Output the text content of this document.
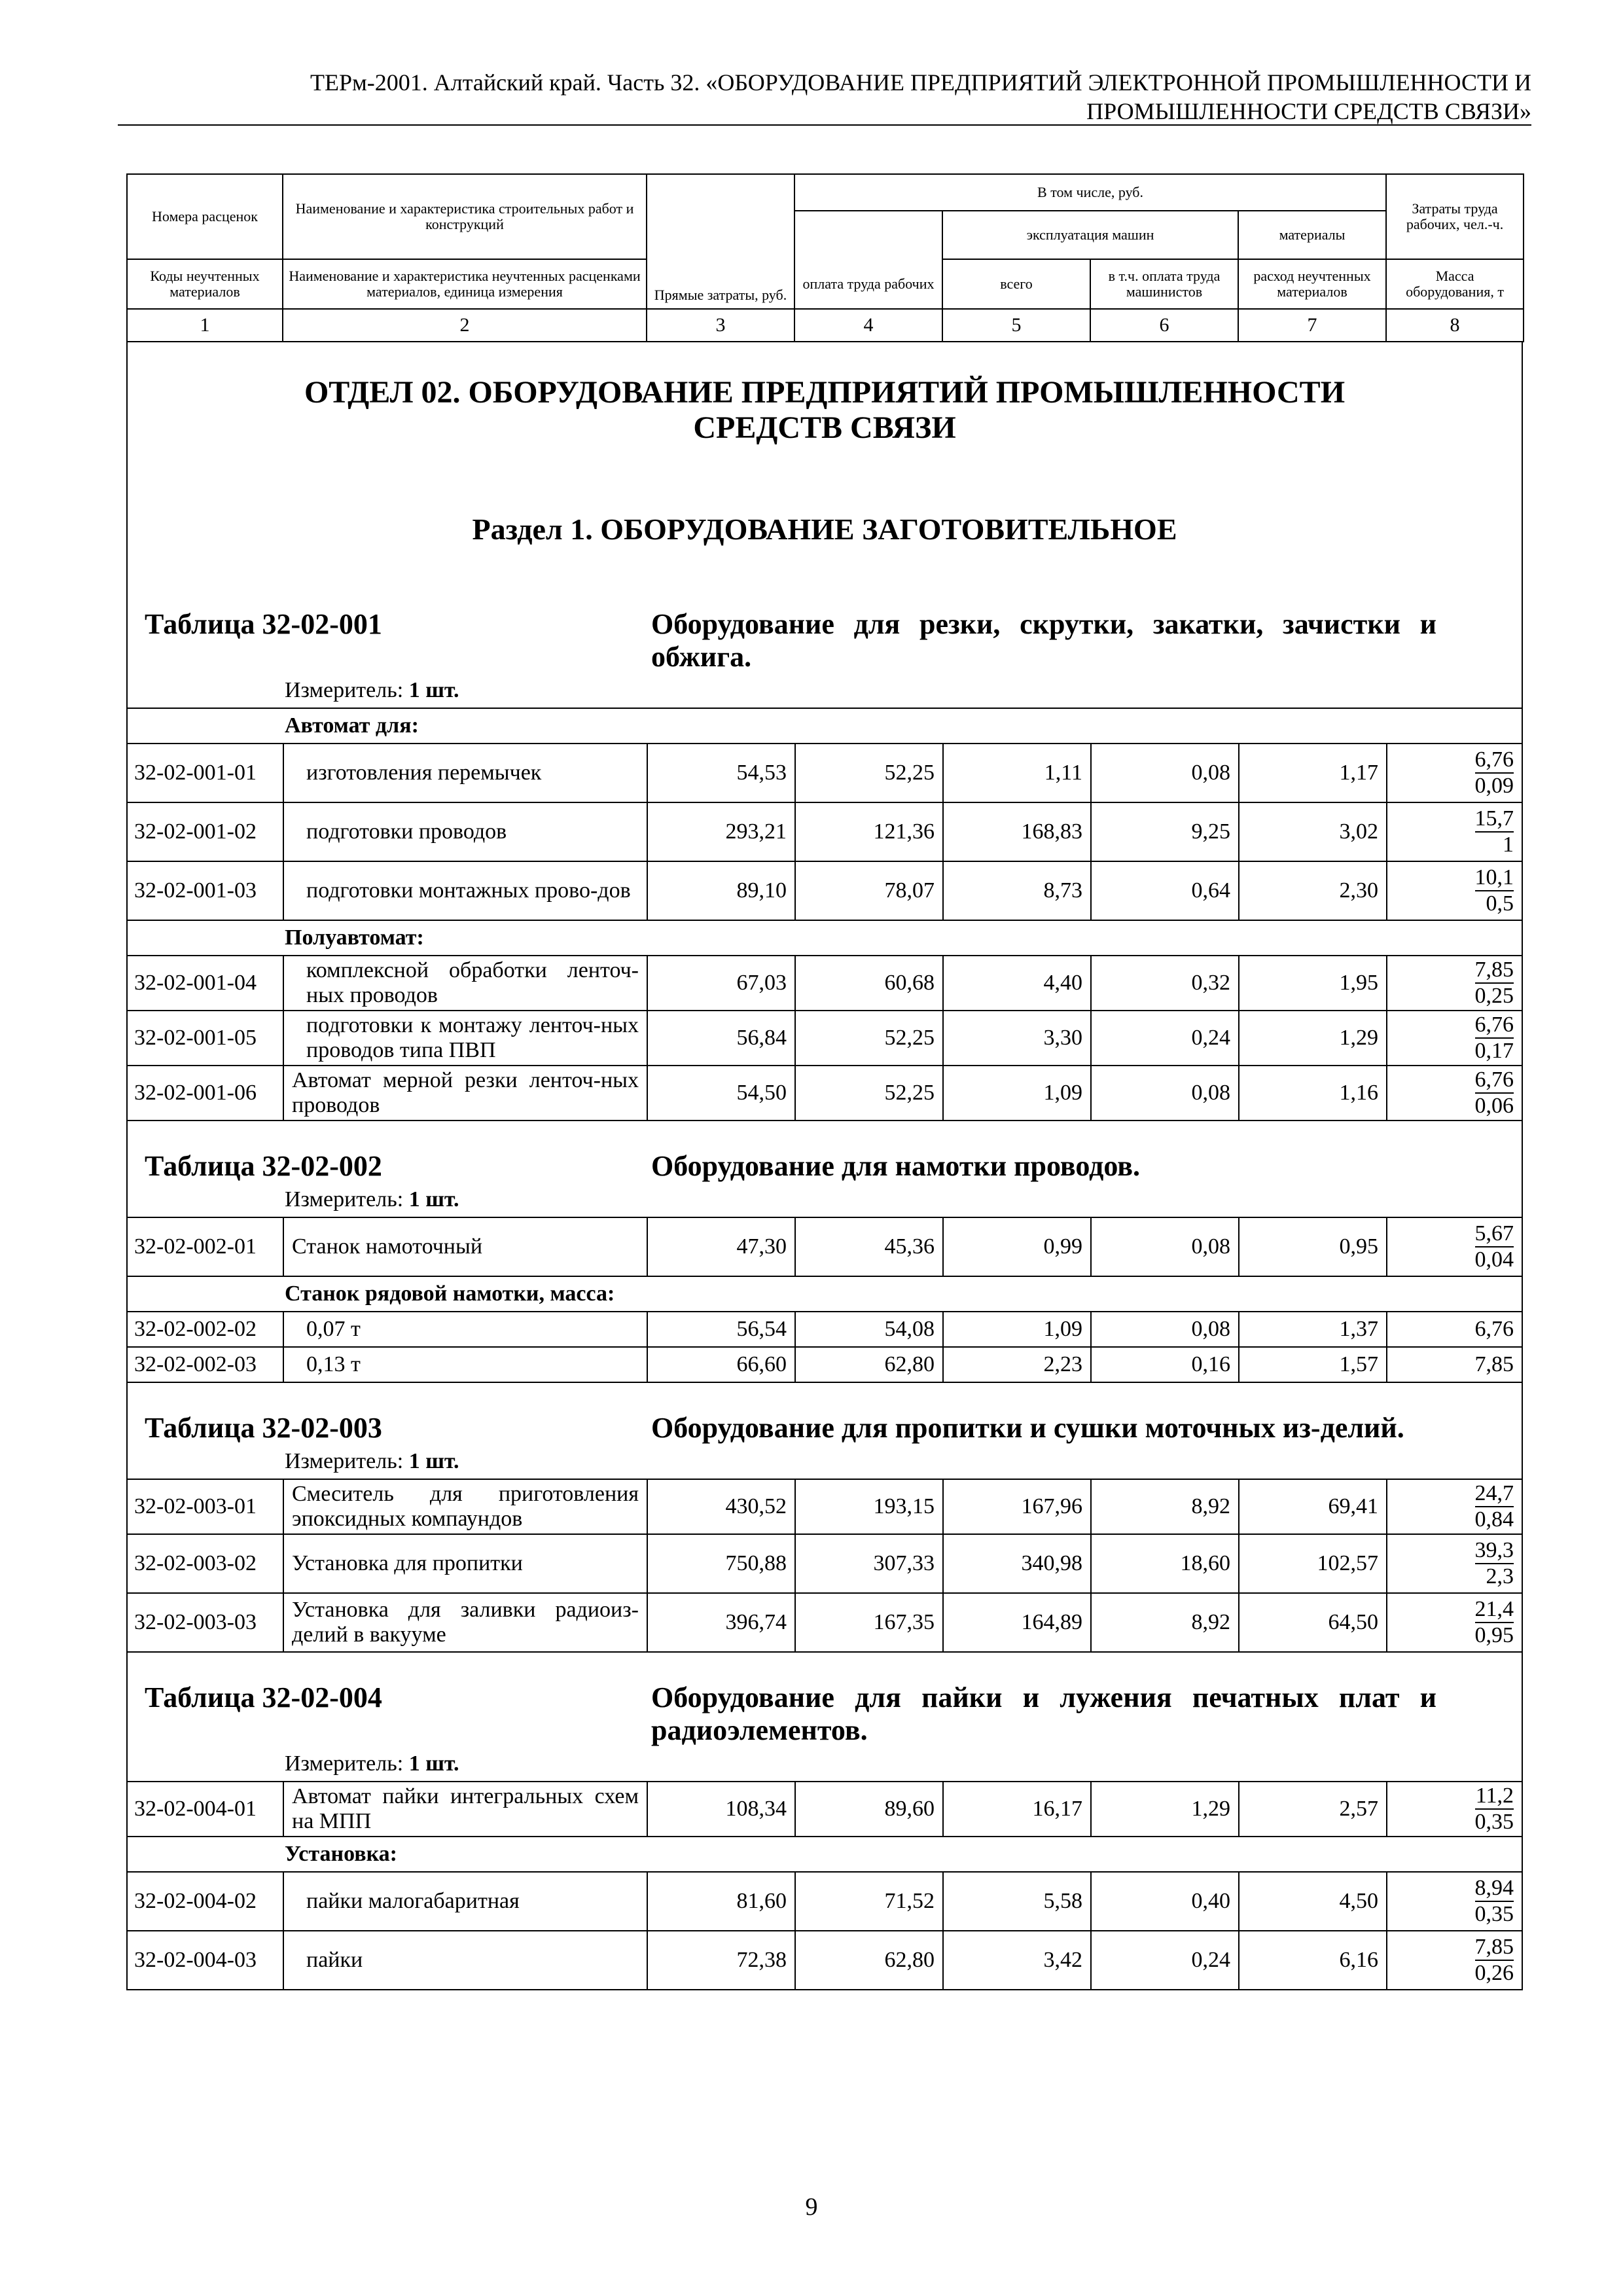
ТЕРм-2001. Алтайский край. Часть 32. «ОБОРУДОВАНИЕ ПРЕДПРИЯТИЙ ЭЛЕКТРОННОЙ ПРОМЫШЛЕННОСТИ И
ПРОМЫШЛЕННОСТИ СРЕДСТВ СВЯЗИ»
Номера расценок	Наименование и характеристика строительных работ и конструкций	Прямые затраты, руб.	В том числе, руб.				Затраты труда рабочих, чел.-ч.
				эксплуатация машин		материалы	
Коды неучтенных материалов	Наименование и характеристика неучтенных расценками материалов, единица измерения		оплата труда рабочих	всего	в т.ч. оплата труда машинистов	расход неучтенных материалов	Масса оборудования, т
1	2	3	4	5	6	7	8
ОТДЕЛ 02. ОБОРУДОВАНИЕ ПРЕДПРИЯТИЙ ПРОМЫШЛЕННОСТИ СРЕДСТВ СВЯЗИ
Раздел 1. ОБОРУДОВАНИЕ ЗАГОТОВИТЕЛЬНОЕ
Таблица 32-02-001	Оборудование для резки, скрутки, закатки, зачистки и обжига.
Измеритель: 1 шт.
Автомат для:							
32-02-001-01	изготовления перемычек	54,53	52,25	1,11	0,08	1,17	$\frac{6,76}{0,09}$

32-02-001-02	подготовки проводов	293,21	121,36	168,83	9,25	3,02	$\frac{15,7}{1}$

32-02-001-03	подготовки монтажных прово-дов	89,10	78,07	8,73	0,64	2,30	$\frac{10,1}{0,5}$

Полуавтомат:							
32-02-001-04	комплексной обработки ленточ-ных проводов	67,03	60,68	4,40	0,32	1,95	$\frac{7,85}{0,25}$

32-02-001-05	подготовки к монтажу ленточ-ных проводов типа ПВП	56,84	52,25	3,30	0,24	1,29	$\frac{6,76}{0,17}$

32-02-001-06	Автомат мерной резки ленточ-ных проводов	54,50	52,25	1,09	0,08	1,16	$\frac{6,76}{0,06}$
Таблица 32-02-002	Оборудование для намотки проводов.
Измеритель: 1 шт.
32-02-002-01	Станок намоточный	47,30	45,36	0,99	0,08	0,95	$\frac{5,67}{0,04}$

Станок рядовой намотки, масса:							
32-02-002-02	0,07 т	56,54	54,08	1,09	0,08	1,37	6,76
32-02-002-03	0,13 т	66,60	62,80	2,23	0,16	1,57	7,85
Таблица 32-02-003	Оборудование для пропитки и сушки моточных из-делий.
Измеритель: 1 шт.
32-02-003-01	Смеситель для приготовления эпоксидных компаундов	430,52	193,15	167,96	8,92	69,41	$\frac{24,7}{0,84}$

32-02-003-02	Установка для пропитки	750,88	307,33	340,98	18,60	102,57	$\frac{39,3}{2,3}$

32-02-003-03	Установка для заливки радиоиз-делий в вакууме	396,74	167,35	164,89	8,92	64,50	$\frac{21,4}{0,95}$
Таблица 32-02-004	Оборудование для пайки и лужения печатных плат и радиоэлементов.
Измеритель: 1 шт.
32-02-004-01	Автомат пайки интегральных схем на МПП	108,34	89,60	16,17	1,29	2,57	$\frac{11,2}{0,35}$

Установка:							
32-02-004-02	пайки малогабаритная	81,60	71,52	5,58	0,40	4,50	$\frac{8,94}{0,35}$

32-02-004-03	пайки	72,38	62,80	3,42	0,24	6,16	$\frac{7,85}{0,26}$
9
